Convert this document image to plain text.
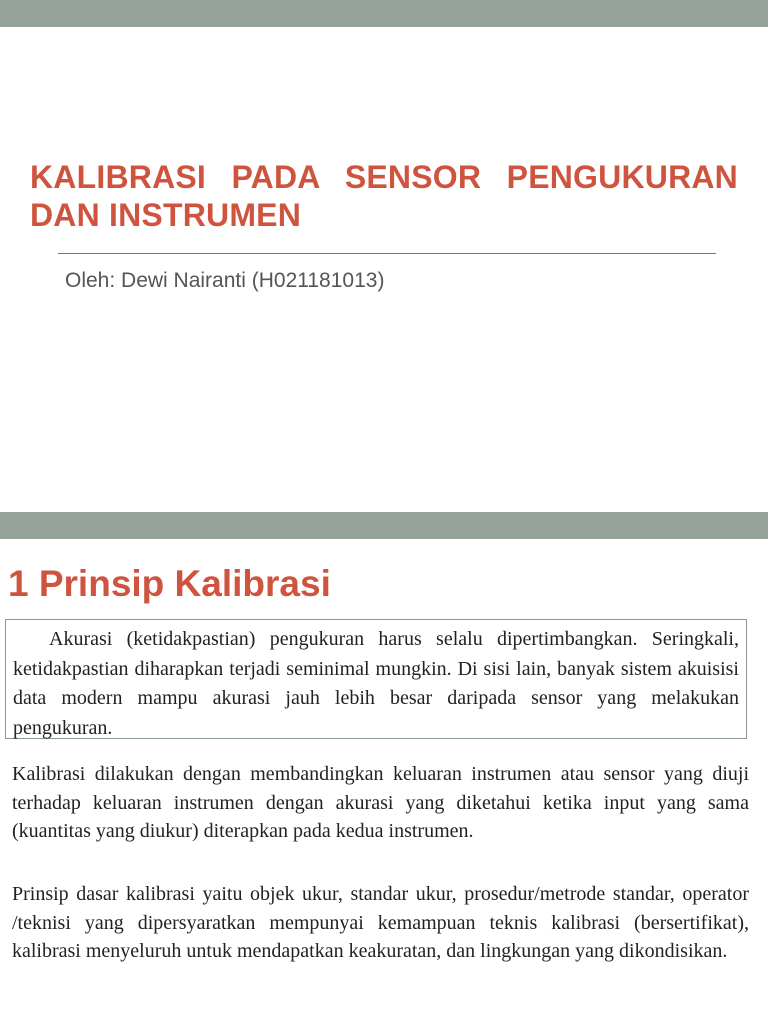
KALIBRASI PADA SENSOR PENGUKURAN DAN INSTRUMEN

Oleh: Dewi Nairanti (H021181013)

1 Prinsip Kalibrasi

Akurasi (ketidakpastian) pengukuran harus selalu dipertimbangkan. Seringkali, ketidakpastian diharapkan terjadi seminimal mungkin. Di sisi lain, banyak sistem akuisisi data modern mampu akurasi jauh lebih besar daripada sensor yang melakukan pengukuran.

Kalibrasi dilakukan dengan membandingkan keluaran instrumen atau sensor yang diuji terhadap keluaran instrumen dengan akurasi yang diketahui ketika input yang sama (kuantitas yang diukur) diterapkan pada kedua instrumen.

Prinsip dasar kalibrasi yaitu objek ukur, standar ukur, prosedur/metrode standar, operator /teknisi yang dipersyaratkan mempunyai kemampuan teknis kalibrasi (bersertifikat), kalibrasi menyeluruh untuk mendapatkan keakuratan, dan lingkungan yang dikondisikan.
